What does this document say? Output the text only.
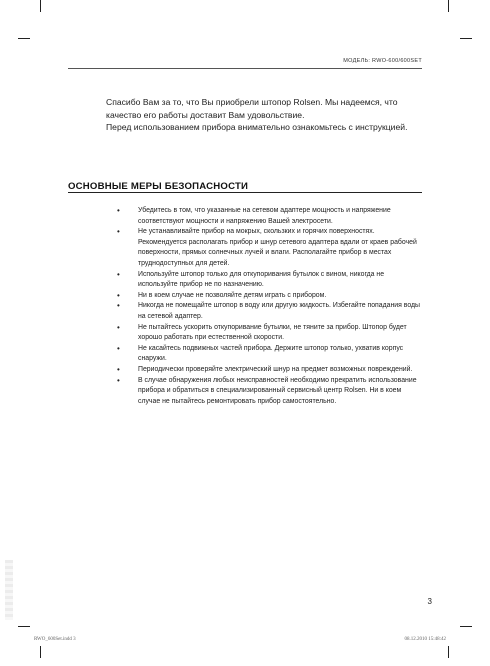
МОДЕЛЬ: RWO-600/600SET

Спасибо Вам за то, что Вы приобрели штопор Rolsen. Мы надеемся, что качество его работы доставит Вам удовольствие.

Перед использованием прибора внимательно ознакомьтесь с инструкцией.

ОСНОВНЫЕ МЕРЫ БЕЗОПАСНОСТИ
• Убедитесь в том, что указанные на сетевом адаптере мощность и напряжение соответствуют мощности и напряжению Вашей электросети.
• Не устанавливайте прибор на мокрых, скользких и горячих поверхностях. Рекомендуется располагать прибор и шнур сетевого адаптера вдали от краев рабочей поверхности, прямых солнечных лучей и влаги. Располагайте прибор в местах труднодоступных для детей.
• Используйте штопор только для откупоривания бутылок с вином, никогда не используйте прибор не по назначению.
• Ни в коем случае не позволяйте детям играть с прибором.
• Никогда не помещайте штопор в воду или другую жидкость. Избегайте попадания воды на сетевой адаптер.
• Не пытайтесь ускорить откупоривание бутылки, не тяните за прибор. Штопор будет хорошо работать при естественной скорости.
• Не касайтесь подвижных частей прибора. Держите штопор только, ухватив корпус снаружи.
• Периодически проверяйте электрический шнур на предмет возможных повреждений.
• В случае обнаружения любых неисправностей необходимо прекратить использование прибора и обратиться в специализированный сервисный центр Rolsen. Ни в коем случае не пытайтесь ремонтировать прибор самостоятельно.
3
RWO_600Set.indd 3	08.12.2010 15:48:42
